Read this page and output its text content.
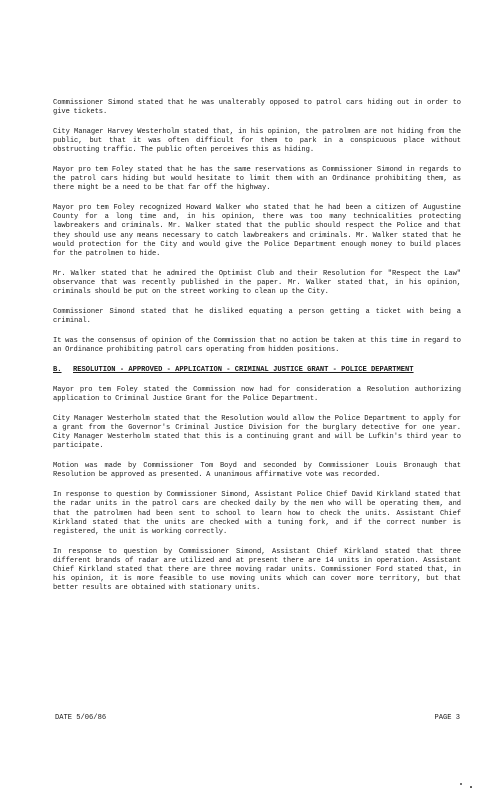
Commissioner Simond stated that he was unalterably opposed to patrol cars hiding out in order to give tickets.

City Manager Harvey Westerholm stated that, in his opinion, the patrolmen are not hiding from the public, but that it was often difficult for them to park in a conspicuous place without obstructing traffic. The public often perceives this as hiding.

Mayor pro tem Foley stated that he has the same reservations as Commissioner Simond in regards to the patrol cars hiding but would hesitate to limit them with an Ordinance prohibiting them, as there might be a need to be that far off the highway.

Mayor pro tem Foley recognized Howard Walker who stated that he had been a citizen of Augustine County for a long time and, in his opinion, there was too many technicalities protecting lawbreakers and criminals. Mr. Walker stated that the public should respect the Police and that they should use any means necessary to catch lawbreakers and criminals. Mr. Walker stated that he would protection for the City and would give the Police Department enough money to build places for the patrolmen to hide.

Mr. Walker stated that he admired the Optimist Club and their Resolution for "Respect the Law" observance that was recently published in the paper. Mr. Walker stated that, in his opinion, criminals should be put on the street working to clean up the City.

Commissioner Simond stated that he disliked equating a person getting a ticket with being a criminal.

It was the consensus of opinion of the Commission that no action be taken at this time in regard to an Ordinance prohibiting patrol cars operating from hidden positions.

B.	RESOLUTION - APPROVED - APPLICATION - CRIMINAL JUSTICE GRANT - POLICE DEPARTMENT

Mayor pro tem Foley stated the Commission now had for consideration a Resolution authorizing application to Criminal Justice Grant for the Police Department.

City Manager Westerholm stated that the Resolution would allow the Police Department to apply for a grant from the Governor's Criminal Justice Division for the burglary detective for one year. City Manager Westerholm stated that this is a continuing grant and will be Lufkin's third year to participate.

Motion was made by Commissioner Tom Boyd and seconded by Commissioner Louis Bronaugh that Resolution be approved as presented. A unanimous affirmative vote was recorded.

In response to question by Commissioner Simond, Assistant Police Chief David Kirkland stated that the radar units in the patrol cars are checked daily by the men who will be operating them, and that the patrolmen had been sent to school to learn how to check the units. Assistant Chief Kirkland stated that the units are checked with a tuning fork, and if the correct number is registered, the unit is working correctly.

In response to question by Commissioner Simond, Assistant Chief Kirkland stated that three different brands of radar are utilized and at present there are 14 units in operation. Assistant Chief Kirkland stated that there are three moving radar units. Commissioner Ford stated that, in his opinion, it is more feasible to use moving units which can cover more territory, but that better results are obtained with stationary units.

DATE 5/06/86	PAGE 3
